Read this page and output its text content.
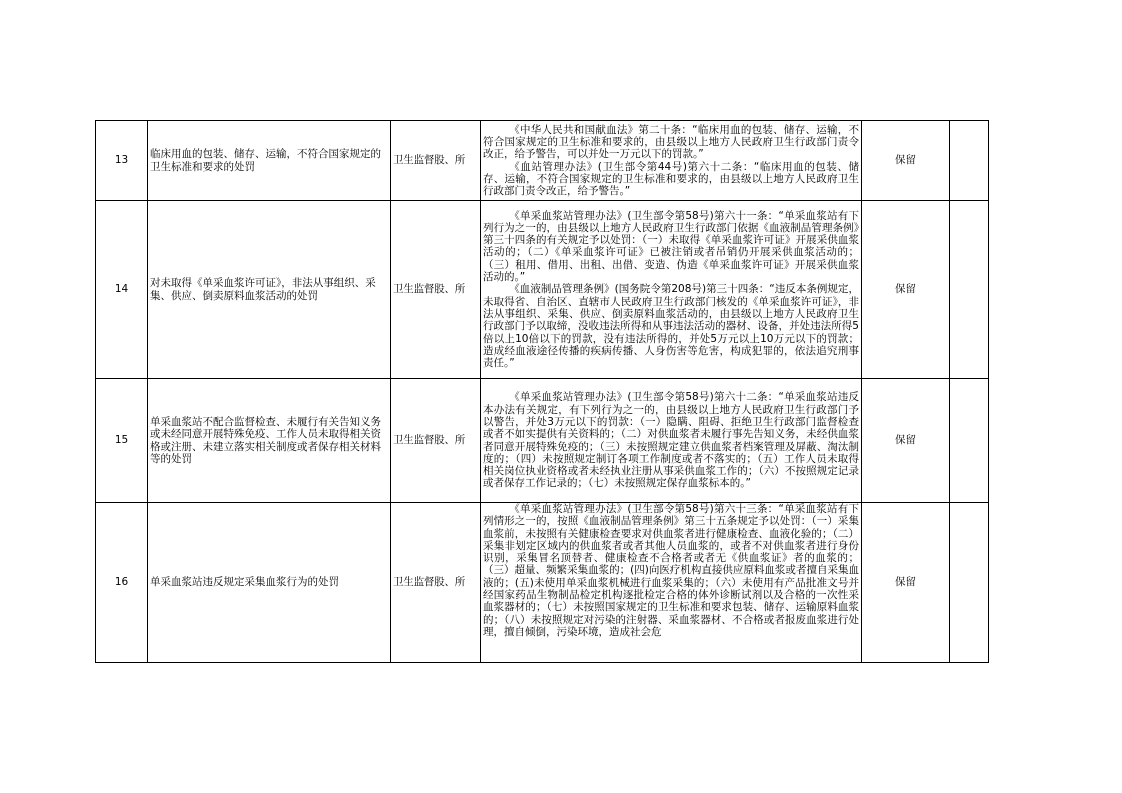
13	临床用血的包装、储存、运输，不符合国家规定的卫生标准和要求的处罚	卫生监督股、所	《中华人民共和国献血法》第二十条：“临床用血的包装、储存、运输，不符合国家规定的卫生标准和要求的，由县级以上地方人民政府卫生行政部门责令改正，给予警告，可以并处一万元以下的罚款。”

《血站管理办法》(卫生部令第44号)第六十二条：“临床用血的包装、储存、运输，不符合国家规定的卫生标准和要求的，由县级以上地方人民政府卫生行政部门责令改正，给予警告。”	保留	
14	对未取得《单采血浆许可证》，非法从事组织、采集、供应、倒卖原料血浆活动的处罚	卫生监督股、所	《单采血浆站管理办法》(卫生部令第58号)第六十一条：“单采血浆站有下列行为之一的，由县级以上地方人民政府卫生行政部门依据《血液制品管理条例》第三十四条的有关规定予以处罚：（一）未取得《单采血浆许可证》开展采供血浆活动的；（二）《单采血浆许可证》已被注销或者吊销仍开展采供血浆活动的；（三）租用、借用、出租、出借、变造、伪造《单采血浆许可证》开展采供血浆活动的。”

《血液制品管理条例》(国务院令第208号)第三十四条：“违反本条例规定，未取得省、自治区、直辖市人民政府卫生行政部门核发的《单采血浆许可证》，非法从事组织、采集、供应、倒卖原料血浆活动的，由县级以上地方人民政府卫生行政部门予以取缔，没收违法所得和从事违法活动的器材、设备，并处违法所得5倍以上10倍以下的罚款，没有违法所得的，并处5万元以上10万元以下的罚款；造成经血液途径传播的疾病传播、人身伤害等危害，构成犯罪的，依法追究刑事责任。”	保留	
15	单采血浆站不配合监督检查、未履行有关告知义务或未经同意开展特殊免疫、工作人员未取得相关资格或注册、未建立落实相关制度或者保存相关材料等的处罚	卫生监督股、所	《单采血浆站管理办法》(卫生部令第58号)第六十二条：“单采血浆站违反本办法有关规定，有下列行为之一的，由县级以上地方人民政府卫生行政部门予以警告，并处3万元以下的罚款：（一）隐瞒、阻碍、拒绝卫生行政部门监督检查或者不如实提供有关资料的；（二）对供血浆者未履行事先告知义务，未经供血浆者同意开展特殊免疫的；（三）未按照规定建立供血浆者档案管理及屏蔽、淘汰制度的；（四）未按照规定制订各项工作制度或者不落实的；（五）工作人员未取得相关岗位执业资格或者未经执业注册从事采供血浆工作的；（六）不按照规定记录或者保存工作记录的；（七）未按照规定保存血浆标本的。”	保留	
16	单采血浆站违反规定采集血浆行为的处罚	卫生监督股、所	《单采血浆站管理办法》(卫生部令第58号)第六十三条：“单采血浆站有下列情形之一的，按照《血液制品管理条例》第三十五条规定予以处罚：（一）采集血浆前，未按照有关健康检查要求对供血浆者进行健康检查、血液化验的；（二）采集非划定区域内的供血浆者或者其他人员血浆的，或者不对供血浆者进行身份识别，采集冒名顶替者、健康检查不合格者或者无《供血浆证》者的血浆的；（三）超量、频繁采集血浆的；(四)向医疗机构直接供应原料血浆或者擅自采集血液的；(五)未使用单采血浆机械进行血浆采集的；（六）未使用有产品批准文号并经国家药品生物制品检定机构逐批检定合格的体外诊断试剂以及合格的一次性采血浆器材的；（七）未按照国家规定的卫生标准和要求包装、储存、运输原料血浆的；（八）未按照规定对污染的注射器、采血浆器材、不合格或者报废血浆进行处理，擅自倾倒，污染环境，造成社会危	保留	
